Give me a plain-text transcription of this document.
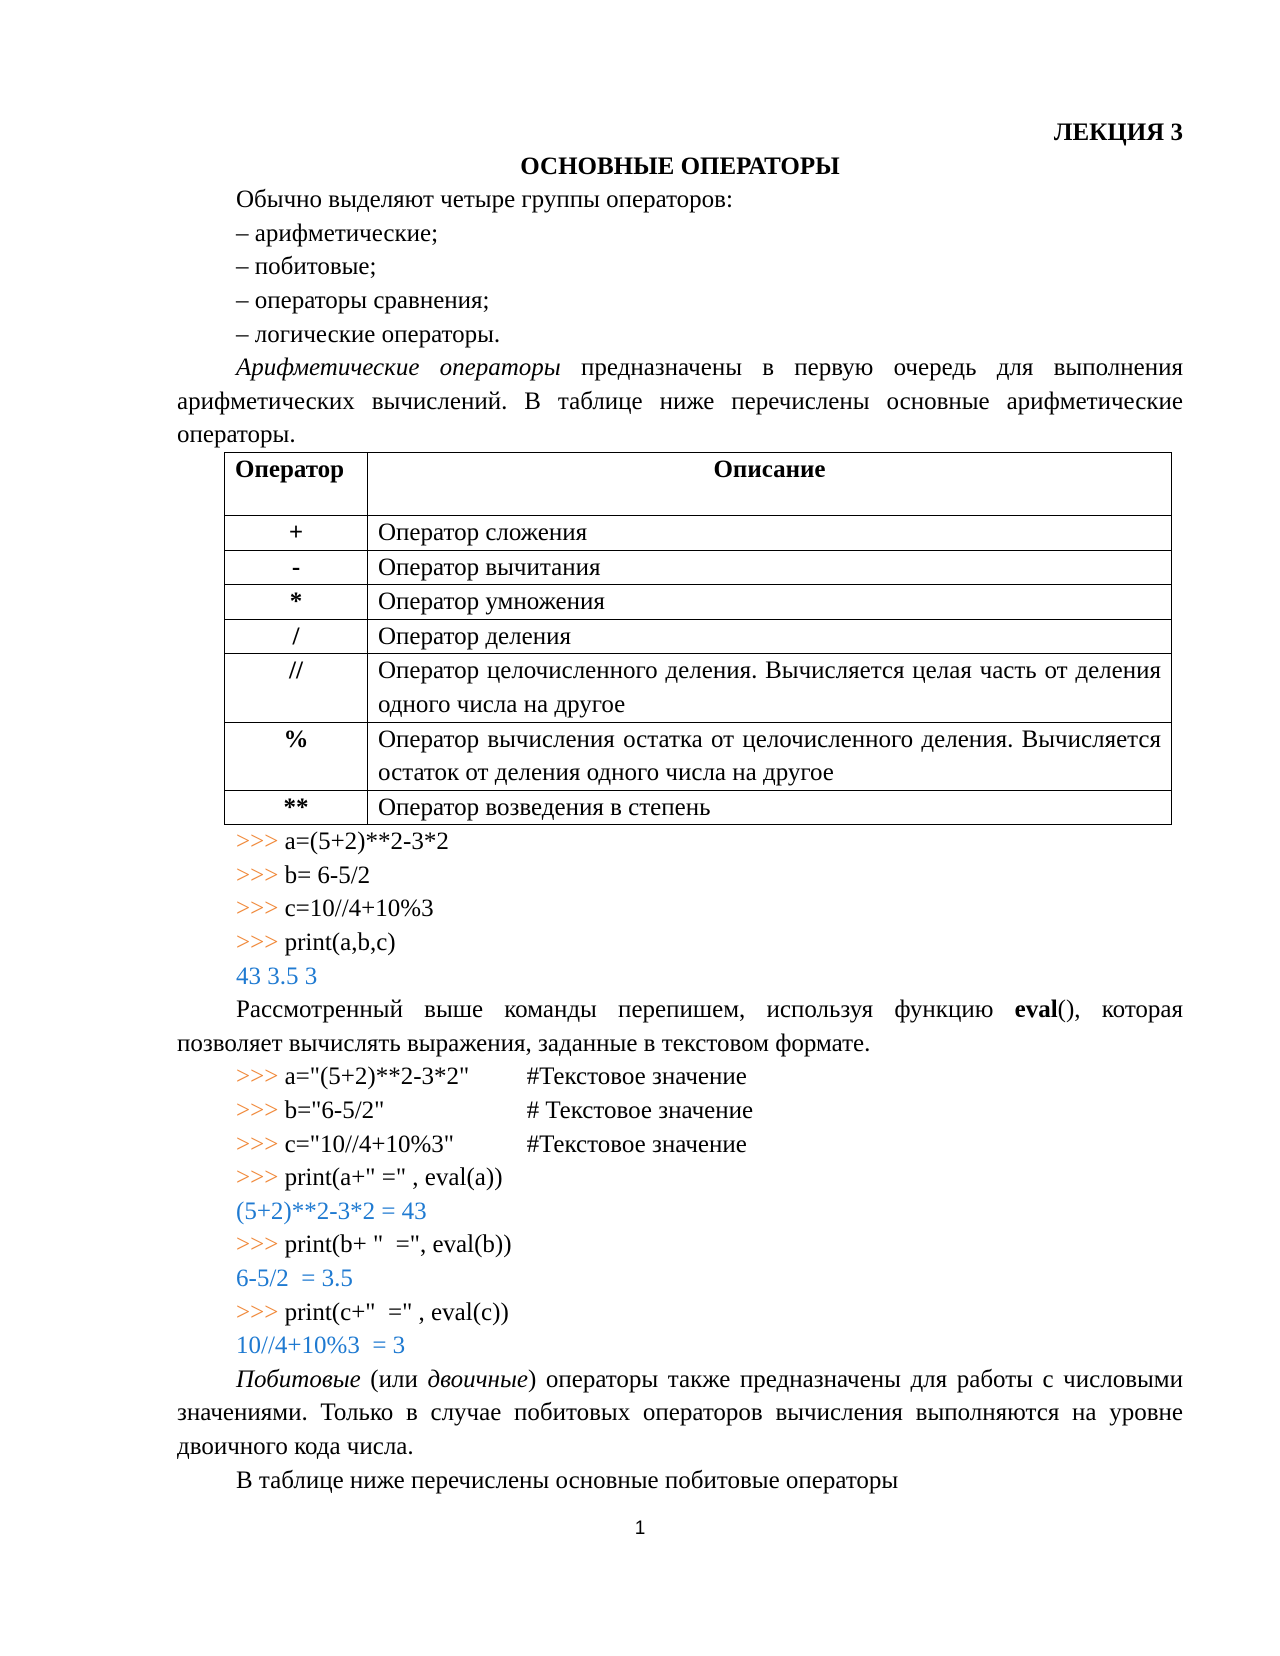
ЛЕКЦИЯ 3
ОСНОВНЫЕ ОПЕРАТОРЫ
Обычно выделяют четыре группы операторов:
– арифметические;
– побитовые;
– операторы сравнения;
– логические операторы.
Арифметические операторы предназначены в первую очередь для выполнения арифметических вычислений. В таблице ниже перечислены основные арифметические операторы.
Оператор	Описание
+	Оператор сложения
-	Оператор вычитания
*	Оператор умножения
/	Оператор деления
//	Оператор целочисленного деления. Вычисляется целая часть от деления одного числа на другое
%	Оператор вычисления остатка от целочисленного деления. Вычисляется остаток от деления одного числа на другое
**	Оператор возведения в степень
>>> a=(5+2)**2-3*2
>>> b= 6-5/2
>>> c=10//4+10%3
>>> print(a,b,c)
43 3.5 3
Рассмотренный выше команды перепишем, используя функцию eval(), которая позволяет вычислять выражения, заданные в текстовом формате.
>>> a="(5+2)**2-3*2" #Текстовое значение
>>> b="6-5/2"	# Текстовое значение
>>> c="10//4+10%3"	#Текстовое значение
>>> print(a+" =" , eval(a))
(5+2)**2-3*2 = 43
>>> print(b+ "  =", eval(b))
6-5/2  = 3.5
>>> print(c+"  =" , eval(c))
10//4+10%3  = 3
Побитовые (или двоичные) операторы также предназначены для работы с числовыми значениями. Только в случае побитовых операторов вычисления выполняются на уровне двоичного кода числа.
В таблице ниже перечислены основные побитовые операторы
1
